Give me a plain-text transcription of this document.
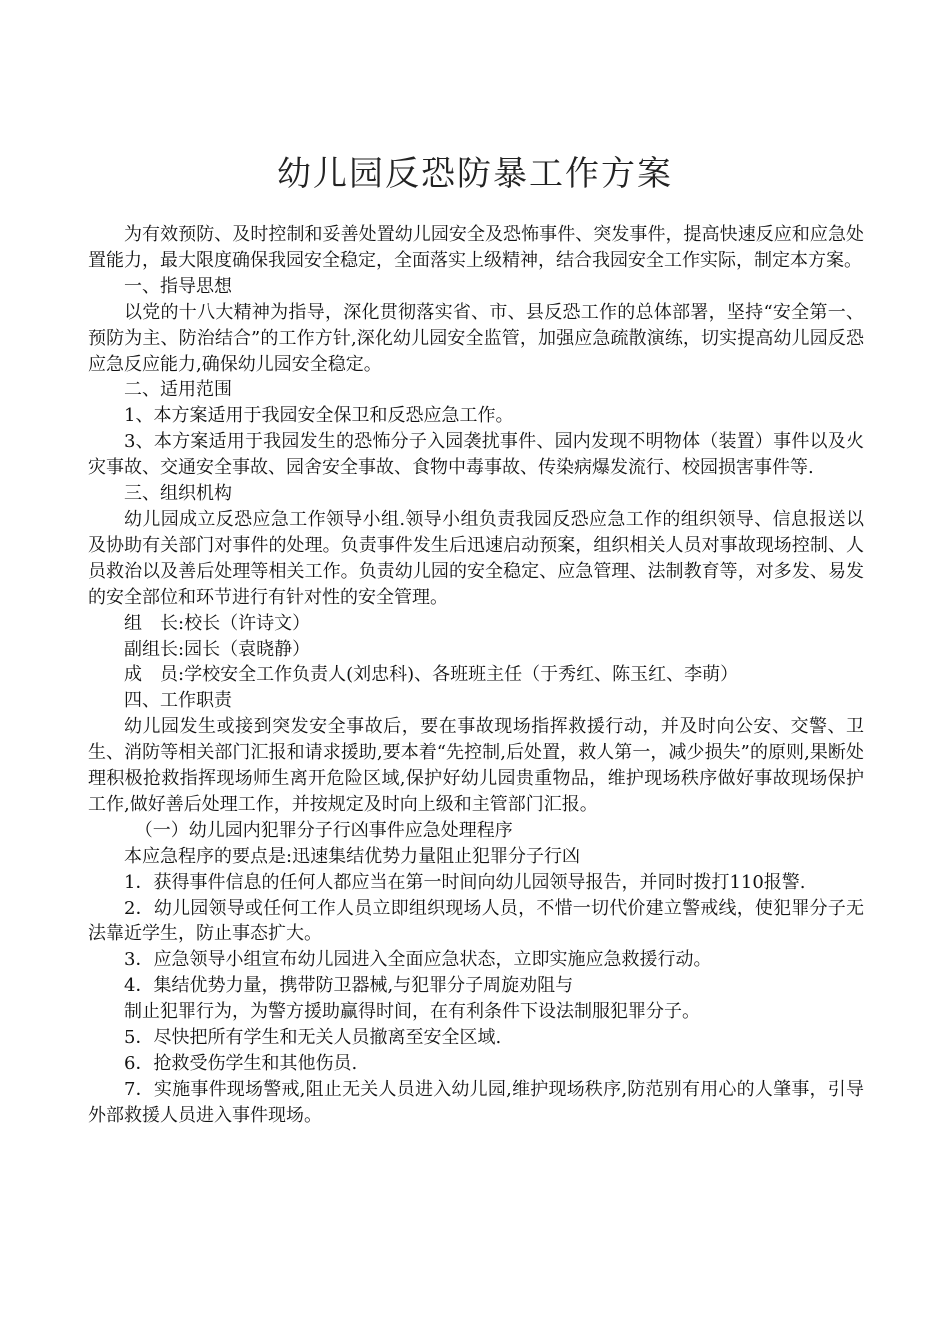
幼儿园反恐防暴工作方案

为有效预防、及时控制和妥善处置幼儿园安全及恐怖事件、突发事件，提高快速反应和应急处置能力，最大限度确保我园安全稳定，全面落实上级精神，结合我园安全工作实际，制定本方案。

一、指导思想

以党的十八大精神为指导，深化贯彻落实省、市、县反恐工作的总体部署，坚持“安全第一、预防为主、防治结合”的工作方针,深化幼儿园安全监管，加强应急疏散演练，切实提高幼儿园反恐应急反应能力,确保幼儿园安全稳定。

二、适用范围

1、本方案适用于我园安全保卫和反恐应急工作。

3、本方案适用于我园发生的恐怖分子入园袭扰事件、园内发现不明物体（装置）事件以及火灾事故、交通安全事故、园舍安全事故、食物中毒事故、传染病爆发流行、校园损害事件等.

三、组织机构

幼儿园成立反恐应急工作领导小组.领导小组负责我园反恐应急工作的组织领导、信息报送以及协助有关部门对事件的处理。负责事件发生后迅速启动预案，组织相关人员对事故现场控制、人员救治以及善后处理等相关工作。负责幼儿园的安全稳定、应急管理、法制教育等，对多发、易发的安全部位和环节进行有针对性的安全管理。

组　长:校长（许诗文）

副组长:园长（袁晓静）

成　员:学校安全工作负责人(刘忠科)、各班班主任（于秀红、陈玉红、李萌）

四、工作职责

幼儿园发生或接到突发安全事故后，要在事故现场指挥救援行动，并及时向公安、交警、卫生、消防等相关部门汇报和请求援助,要本着“先控制,后处置，救人第一，减少损失”的原则,果断处理积极抢救指挥现场师生离开危险区域,保护好幼儿园贵重物品，维护现场秩序做好事故现场保护工作,做好善后处理工作，并按规定及时向上级和主管部门汇报。

（一）幼儿园内犯罪分子行凶事件应急处理程序

本应急程序的要点是:迅速集结优势力量阻止犯罪分子行凶

1．获得事件信息的任何人都应当在第一时间向幼儿园领导报告，并同时拨打110报警.

2．幼儿园领导或任何工作人员立即组织现场人员，不惜一切代价建立警戒线，使犯罪分子无法靠近学生，防止事态扩大。

3．应急领导小组宣布幼儿园进入全面应急状态，立即实施应急救援行动。

4．集结优势力量，携带防卫器械,与犯罪分子周旋劝阻与

制止犯罪行为，为警方援助赢得时间，在有利条件下设法制服犯罪分子。

5．尽快把所有学生和无关人员撤离至安全区域.

6．抢救受伤学生和其他伤员.

7．实施事件现场警戒,阻止无关人员进入幼儿园,维护现场秩序,防范别有用心的人肇事，引导外部救援人员进入事件现场。
